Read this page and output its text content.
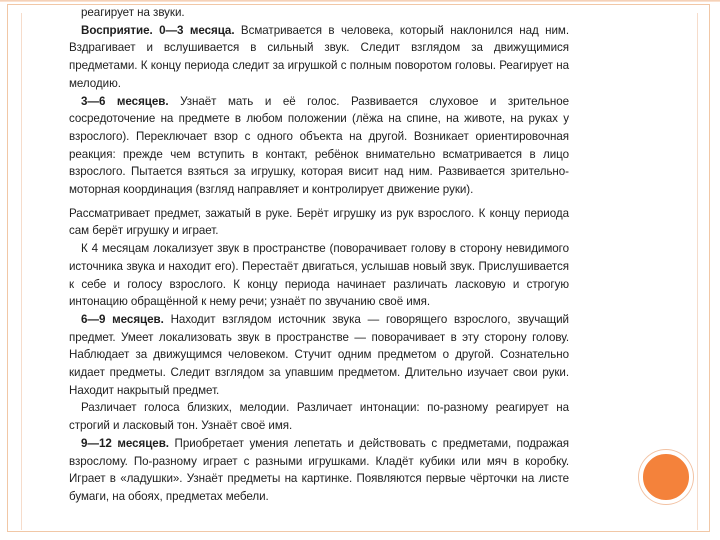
реагирует на звуки.

Восприятие. 0—3 месяца. Всматривается в человека, который наклонился над ним. Вздрагивает и вслушивается в сильный звук. Следит взглядом за движущимися предметами. К концу периода следит за игрушкой с полным поворотом головы. Реагирует на мелодию.

3—6 месяцев. Узнаёт мать и её голос. Развивается слуховое и зрительное сосредоточение на предмете в любом положении (лёжа на спине, на животе, на руках у взрослого). Переключает взор с одного объекта на другой. Возникает ориентировочная реакция: прежде чем вступить в контакт, ребёнок внимательно всматривается в лицо взрослого. Пытается взяться за игрушку, которая висит над ним. Развивается зрительно-моторная координация (взгляд направляет и контролирует движение руки).

Рассматривает предмет, зажатый в руке. Берёт игрушку из рук взрослого. К концу периода сам берёт игрушку и играет.

К 4 месяцам локализует звук в пространстве (поворачивает голову в сторону невидимого источника звука и находит его). Перестаёт двигаться, услышав новый звук. Прислушивается к себе и голосу взрослого. К концу периода начинает различать ласковую и строгую интонацию обращённой к нему речи; узнаёт по звучанию своё имя.

6—9 месяцев. Находит взглядом источник звука — говорящего взрослого, звучащий предмет. Умеет локализовать звук в пространстве — поворачивает в эту сторону голову. Наблюдает за движущимся человеком. Стучит одним предметом о другой. Сознательно кидает предметы. Следит взглядом за упавшим предметом. Длительно изучает свои руки. Находит накрытый предмет.

Различает голоса близких, мелодии. Различает интонации: по-разному реагирует на строгий и ласковый тон. Узнаёт своё имя.

9—12 месяцев. Приобретает умения лепетать и действовать с предметами, подражая взрослому. По-разному играет с разными игрушками. Кладёт кубики или мяч в коробку. Играет в «ладушки». Узнаёт предметы на картинке. Появляются первые чёрточки на листе бумаги, на обоях, предметах мебели.
